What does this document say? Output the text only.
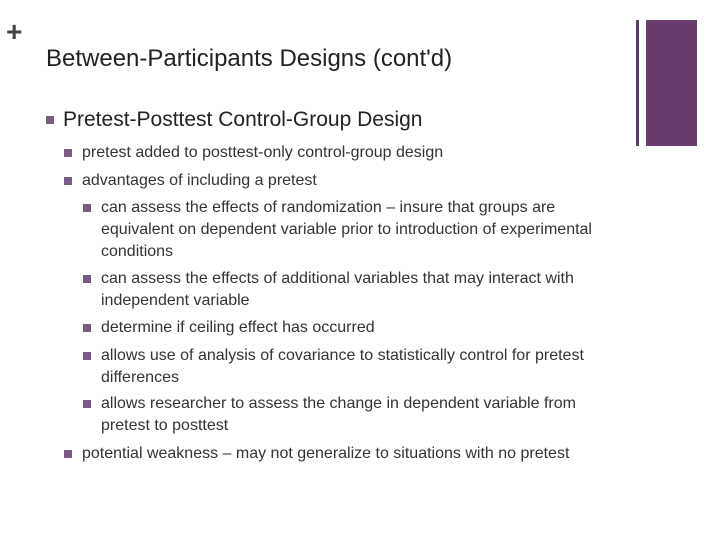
+
Between-Participants Designs (cont'd)
Pretest-Posttest Control-Group Design
pretest added to posttest-only control-group design
advantages of including a pretest
can assess the effects of randomization – insure that groups are equivalent on dependent variable prior to introduction of experimental conditions
can assess the effects of additional variables that may interact with independent variable
determine if ceiling effect has occurred
allows use of analysis of covariance to statistically control for pretest differences
allows researcher to assess the change in dependent variable from pretest to posttest
potential weakness – may not generalize to situations with no pretest
